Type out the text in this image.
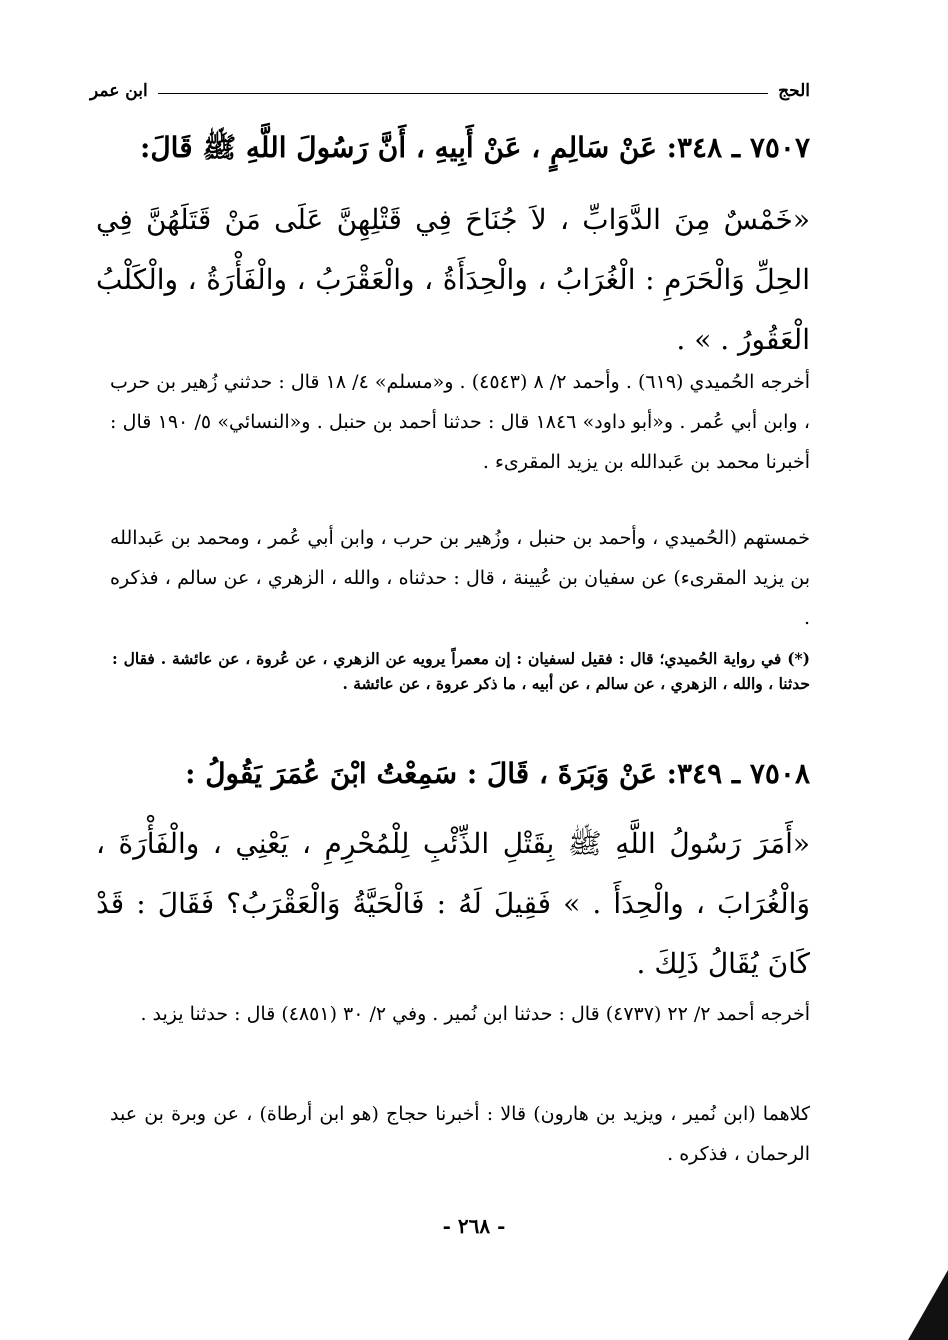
الحج
ابن عمر
٧٥٠٧ ـ ٣٤٨: عَنْ سَالِمٍ ، عَنْ أَبِيهِ ، أَنَّ رَسُولَ اللَّهِ ﷺ قَالَ:
«خَمْسٌ مِنَ الدَّوَابِّ ، لاَ جُنَاحَ فِي قَتْلِهِنَّ عَلَى مَنْ قَتَلَهُنَّ فِي الحِلِّ وَالْحَرَمِ : الْغُرَابُ ، والْحِدَأَةُ ، والْعَقْرَبُ ، والْفَأْرَةُ ، والْكَلْبُ الْعَقُورُ . » .
أخرجه الحُميدي (٦١٩) . وأحمد ٢/ ٨ (٤٥٤٣) . و«مسلم» ٤/ ١٨ قال : حدثني زُهير بن حرب ، وابن أبي عُمر . و«أبو داود» ١٨٤٦ قال : حدثنا أحمد بن حنبل . و«النسائي» ٥/ ١٩٠ قال : أخبرنا محمد بن عَبدالله بن يزيد المقرىء .
خمستهم (الحُميدي ، وأحمد بن حنبل ، وزُهير بن حرب ، وابن أبي عُمر ، ومحمد بن عَبدالله بن يزيد المقرىء) عن سفيان بن عُيينة ، قال : حدثناه ، والله ، الزهري ، عن سالم ، فذكره .
(*) في رواية الحُميدي؛ قال : فقيل لسفيان : إن معمراً يرويه عن الزهري ، عن عُروة ، عن عائشة . فقال : حدثنا ، والله ، الزهري ، عن سالم ، عن أبيه ، ما ذكر عروة ، عن عائشة .
٧٥٠٨ ـ ٣٤٩: عَنْ وَبَرَةَ ، قَالَ : سَمِعْتُ ابْنَ عُمَرَ يَقُولُ :
«أَمَرَ رَسُولُ اللَّهِ ﷺ بِقَتْلِ الذِّئْبِ لِلْمُحْرِمِ ، يَعْنِي ، والْفَأْرَةَ ، وَالْغُرَابَ ، والْحِدَأَ . » فَقِيلَ لَهُ : فَالْحَيَّةُ وَالْعَقْرَبُ؟ فَقَالَ : قَدْ كَانَ يُقَالُ ذَلِكَ .
أخرجه أحمد ٢/ ٢٢ (٤٧٣٧) قال : حدثنا ابن نُمير . وفي ٢/ ٣٠ (٤٨٥١) قال : حدثنا يزيد .
كلاهما (ابن نُمير ، ويزيد بن هارون) قالا : أخبرنا حجاج (هو ابن أرطاة) ، عن وبرة بن عبد الرحمان ، فذكره .
- ٢٦٨ -
